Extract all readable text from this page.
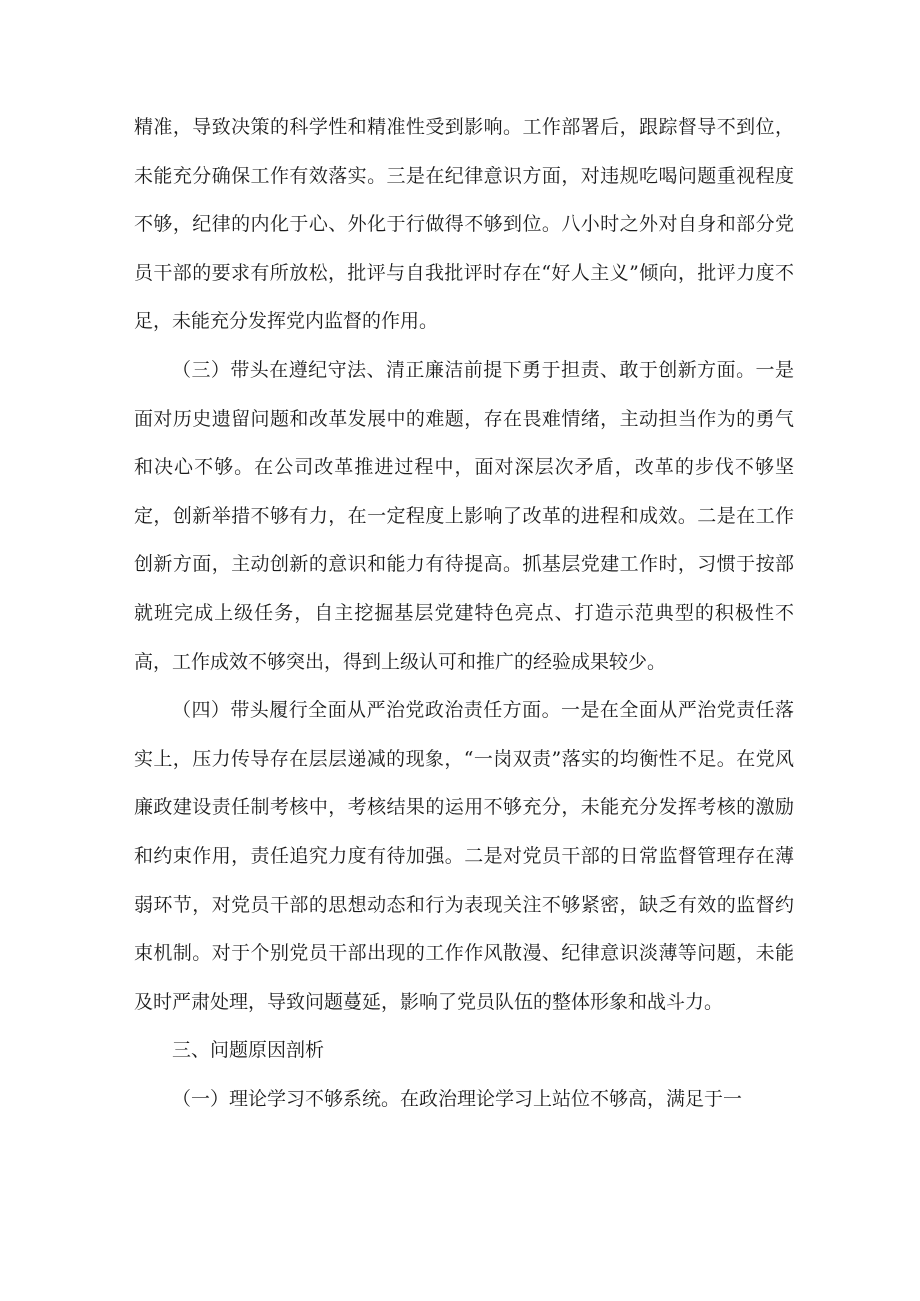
精准，导致决策的科学性和精准性受到影响。工作部署后，跟踪督导不到位，未能充分确保工作有效落实。三是在纪律意识方面，对违规吃喝问题重视程度不够，纪律的内化于心、外化于行做得不够到位。八小时之外对自身和部分党员干部的要求有所放松，批评与自我批评时存在“好人主义”倾向，批评力度不足，未能充分发挥党内监督的作用。

（三）带头在遵纪守法、清正廉洁前提下勇于担责、敢于创新方面。一是面对历史遗留问题和改革发展中的难题，存在畏难情绪，主动担当作为的勇气和决心不够。在公司改革推进过程中，面对深层次矛盾，改革的步伐不够坚定，创新举措不够有力，在一定程度上影响了改革的进程和成效。二是在工作创新方面，主动创新的意识和能力有待提高。抓基层党建工作时，习惯于按部就班完成上级任务，自主挖掘基层党建特色亮点、打造示范典型的积极性不高，工作成效不够突出，得到上级认可和推广的经验成果较少。

（四）带头履行全面从严治党政治责任方面。一是在全面从严治党责任落实上，压力传导存在层层递减的现象，“一岗双责”落实的均衡性不足。在党风廉政建设责任制考核中，考核结果的运用不够充分，未能充分发挥考核的激励和约束作用，责任追究力度有待加强。二是对党员干部的日常监督管理存在薄弱环节，对党员干部的思想动态和行为表现关注不够紧密，缺乏有效的监督约束机制。对于个别党员干部出现的工作作风散漫、纪律意识淡薄等问题，未能及时严肃处理，导致问题蔓延，影响了党员队伍的整体形象和战斗力。

三、问题原因剖析

（一）理论学习不够系统。在政治理论学习上站位不够高，满足于一
